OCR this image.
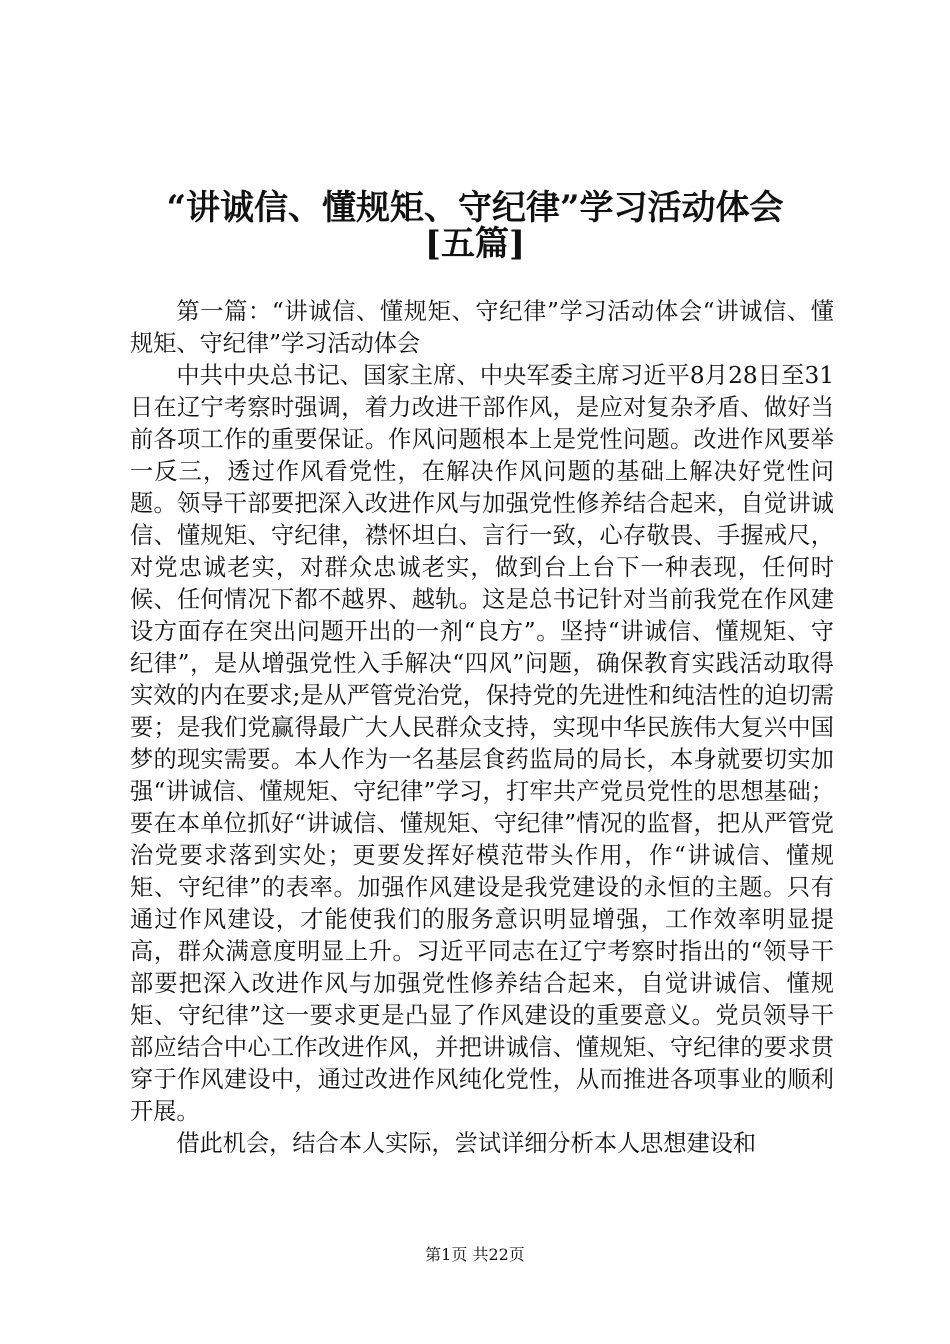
“讲诚信、懂规矩、守纪律”学习活动体会
[五篇]

第一篇：“讲诚信、懂规矩、守纪律”学习活动体会“讲诚信、懂规矩、守纪律”学习活动体会

中共中央总书记、国家主席、中央军委主席习近平8月28日至31日在辽宁考察时强调，着力改进干部作风，是应对复杂矛盾、做好当前各项工作的重要保证。作风问题根本上是党性问题。改进作风要举一反三，透过作风看党性，在解决作风问题的基础上解决好党性问题。领导干部要把深入改进作风与加强党性修养结合起来，自觉讲诚信、懂规矩、守纪律，襟怀坦白、言行一致，心存敬畏、手握戒尺，对党忠诚老实，对群众忠诚老实，做到台上台下一种表现，任何时候、任何情况下都不越界、越轨。这是总书记针对当前我党在作风建设方面存在突出问题开出的一剂“良方”。坚持“讲诚信、懂规矩、守纪律”，是从增强党性入手解决“四风”问题，确保教育实践活动取得实效的内在要求;是从严管党治党，保持党的先进性和纯洁性的迫切需要；是我们党赢得最广大人民群众支持，实现中华民族伟大复兴中国梦的现实需要。本人作为一名基层食药监局的局长，本身就要切实加强“讲诚信、懂规矩、守纪律”学习，打牢共产党员党性的思想基础；要在本单位抓好“讲诚信、懂规矩、守纪律”情况的监督，把从严管党治党要求落到实处；更要发挥好模范带头作用，作“讲诚信、懂规矩、守纪律”的表率。加强作风建设是我党建设的永恒的主题。只有通过作风建设，才能使我们的服务意识明显增强，工作效率明显提高，群众满意度明显上升。习近平同志在辽宁考察时指出的“领导干部要把深入改进作风与加强党性修养结合起来，自觉讲诚信、懂规矩、守纪律”这一要求更是凸显了作风建设的重要意义。党员领导干部应结合中心工作改进作风，并把讲诚信、懂规矩、守纪律的要求贯穿于作风建设中，通过改进作风纯化党性，从而推进各项事业的顺利开展。

借此机会，结合本人实际，尝试详细分析本人思想建设和

第1页 共22页
